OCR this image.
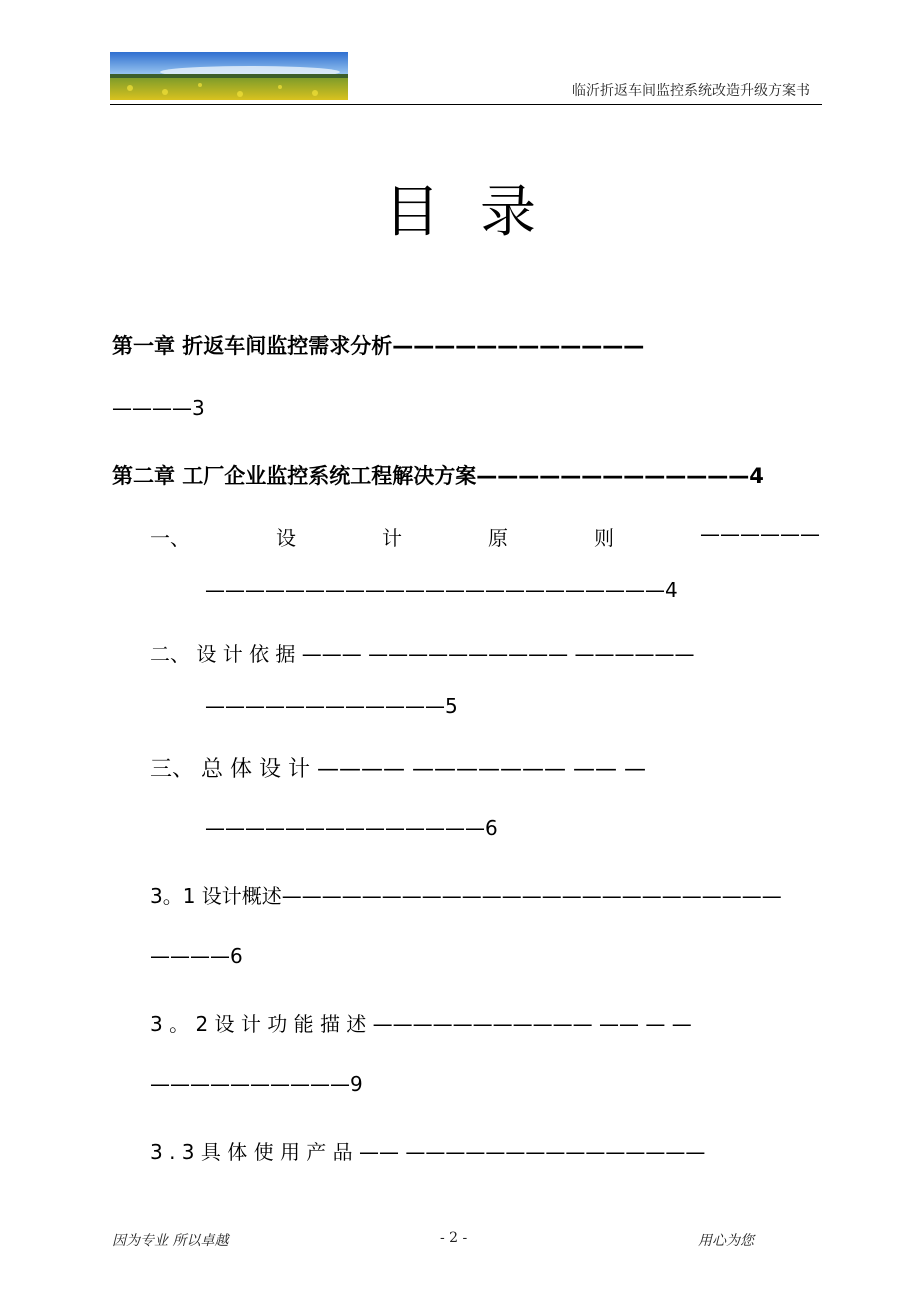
临沂折返车间监控系统改造升级方案书
目录
第一章 折返车间监控需求分析————————————
————3
第二章 工厂企业监控系统工程解决方案—————————————4
一、	设	计	原	则	——————
———————————————————————4
二、 设 计 依 据 ——— —————————— ——————
————————————5
三、 总 体 设 计 ———— ——————— —— —
——————————————6
3。1 设计概述—————————————————————————
————6
3 。 2 设 计 功 能 描 述 ——————————— —— — —
——————————9
3 . 3 具 体 使 用 产 品 —— ———————————————
因为专业 所以卓越	- 2 -	用心为您
